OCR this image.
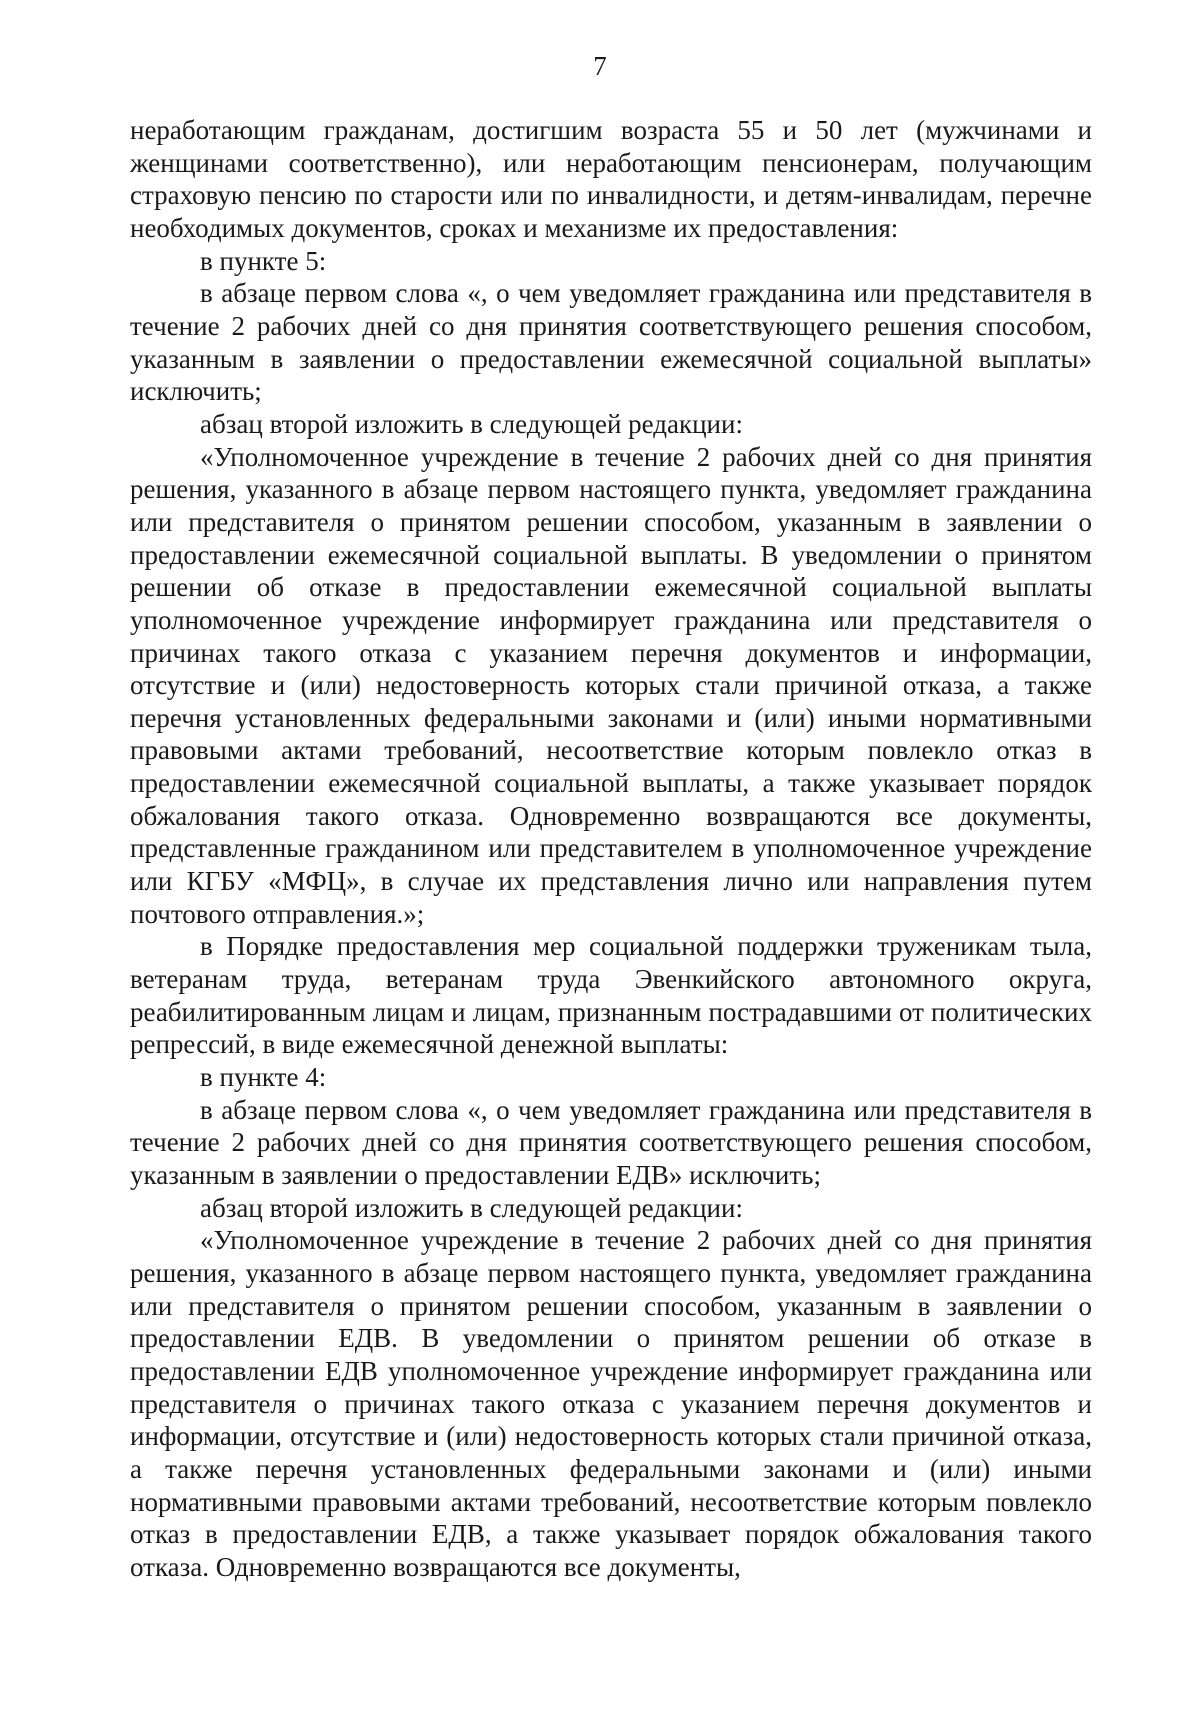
7

неработающим гражданам, достигшим возраста 55 и 50 лет (мужчинами и женщинами соответственно), или неработающим пенсионерам, получающим страховую пенсию по старости или по инвалидности, и детям-инвалидам, перечне необходимых документов, сроках и механизме их предоставления:

в пункте 5:

в абзаце первом слова «, о чем уведомляет гражданина или представителя в течение 2 рабочих дней со дня принятия соответствующего решения способом, указанным в заявлении о предоставлении ежемесячной социальной выплаты» исключить;

абзац второй изложить в следующей редакции:

«Уполномоченное учреждение в течение 2 рабочих дней со дня принятия решения, указанного в абзаце первом настоящего пункта, уведомляет гражданина или представителя о принятом решении способом, указанным в заявлении о предоставлении ежемесячной социальной выплаты. В уведомлении о принятом решении об отказе в предоставлении ежемесячной социальной выплаты уполномоченное учреждение информирует гражданина или представителя о причинах такого отказа с указанием перечня документов и информации, отсутствие и (или) недостоверность которых стали причиной отказа, а также перечня установленных федеральными законами и (или) иными нормативными правовыми актами требований, несоответствие которым повлекло отказ в предоставлении ежемесячной социальной выплаты, а также указывает порядок обжалования такого отказа. Одновременно возвращаются все документы, представленные гражданином или представителем в уполномоченное учреждение или КГБУ «МФЦ», в случае их представления лично или направления путем почтового отправления.»;

в Порядке предоставления мер социальной поддержки труженикам тыла, ветеранам труда, ветеранам труда Эвенкийского автономного округа, реабилитированным лицам и лицам, признанным пострадавшими от политических репрессий, в виде ежемесячной денежной выплаты:

в пункте 4:

в абзаце первом слова «, о чем уведомляет гражданина или представителя в течение 2 рабочих дней со дня принятия соответствующего решения способом, указанным в заявлении о предоставлении ЕДВ» исключить;

абзац второй изложить в следующей редакции:

«Уполномоченное учреждение в течение 2 рабочих дней со дня принятия решения, указанного в абзаце первом настоящего пункта, уведомляет гражданина или представителя о принятом решении способом, указанным в заявлении о предоставлении ЕДВ. В уведомлении о принятом решении об отказе в предоставлении ЕДВ уполномоченное учреждение информирует гражданина или представителя о причинах такого отказа с указанием перечня документов и информации, отсутствие и (или) недостоверность которых стали причиной отказа, а также перечня установленных федеральными законами и (или) иными нормативными правовыми актами требований, несоответствие которым повлекло отказ в предоставлении ЕДВ, а также указывает порядок обжалования такого отказа. Одновременно возвращаются все документы,
